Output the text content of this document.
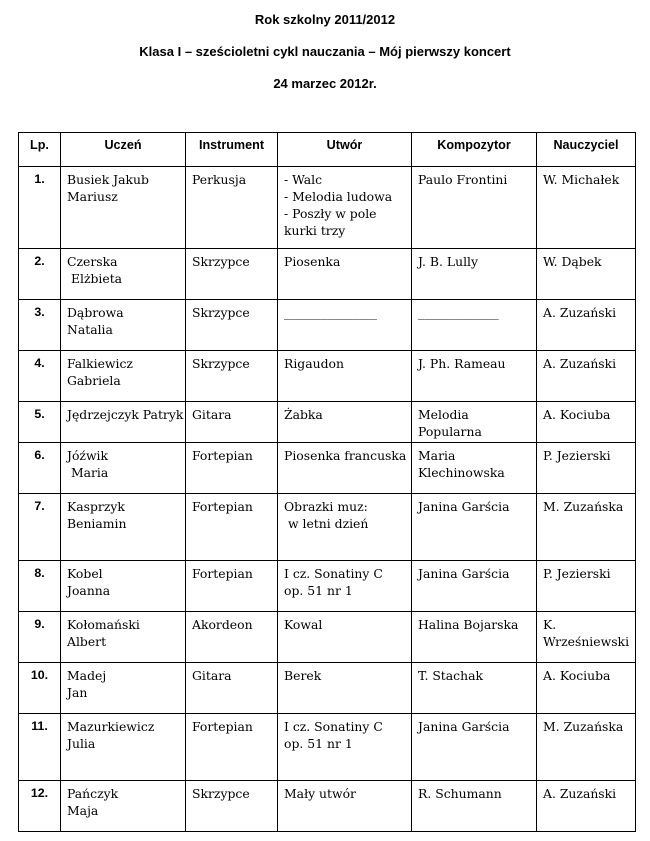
Rok szkolny 2011/2012
Klasa I – sześcioletni cykl nauczania – Mój pierwszy koncert
24 marzec 2012r.
Lp.	Uczeń	Instrument	Utwór	Kompozytor	Nauczyciel
1.	Busiek Jakub
Mariusz	Perkusja	- Walc
- Melodia ludowa
- Poszły w pole
kurki trzy	Paulo Frontini	W. Michałek

2.	Czerska
Elżbieta	Skrzypce	Piosenka	J. B. Lully	W. Dąbek

3.	Dąbrowa
Natalia	Skrzypce	_______________	_____________	A. Zuzański

4.	Falkiewicz
Gabriela	Skrzypce	Rigaudon	J. Ph. Rameau	A. Zuzański

5.	Jędrzejczyk Patryk	Gitara	Żabka	Melodia
Popularna	A. Kociuba

6.	Jóźwik
Maria	Fortepian	Piosenka francuska	Maria
Klechinowska	P. Jezierski

7.	Kasprzyk
Beniamin	Fortepian	Obrazki muz:
w letni dzień	Janina Garścia	M. Zuzańska

8.	Kobel
Joanna	Fortepian	I cz. Sonatiny C
op. 51 nr 1	Janina Garścia	P. Jezierski

9.	Kołomański
Albert	Akordeon	Kowal	Halina Bojarska	K.
Wrześniewski

10.	Madej
Jan	Gitara	Berek	T. Stachak	A. Kociuba

11.	Mazurkiewicz
Julia	Fortepian	I cz. Sonatiny C
op. 51 nr 1	Janina Garścia	M. Zuzańska

12.	Pańczyk
Maja	Skrzypce	Mały utwór	R. Schumann	A. Zuzański
